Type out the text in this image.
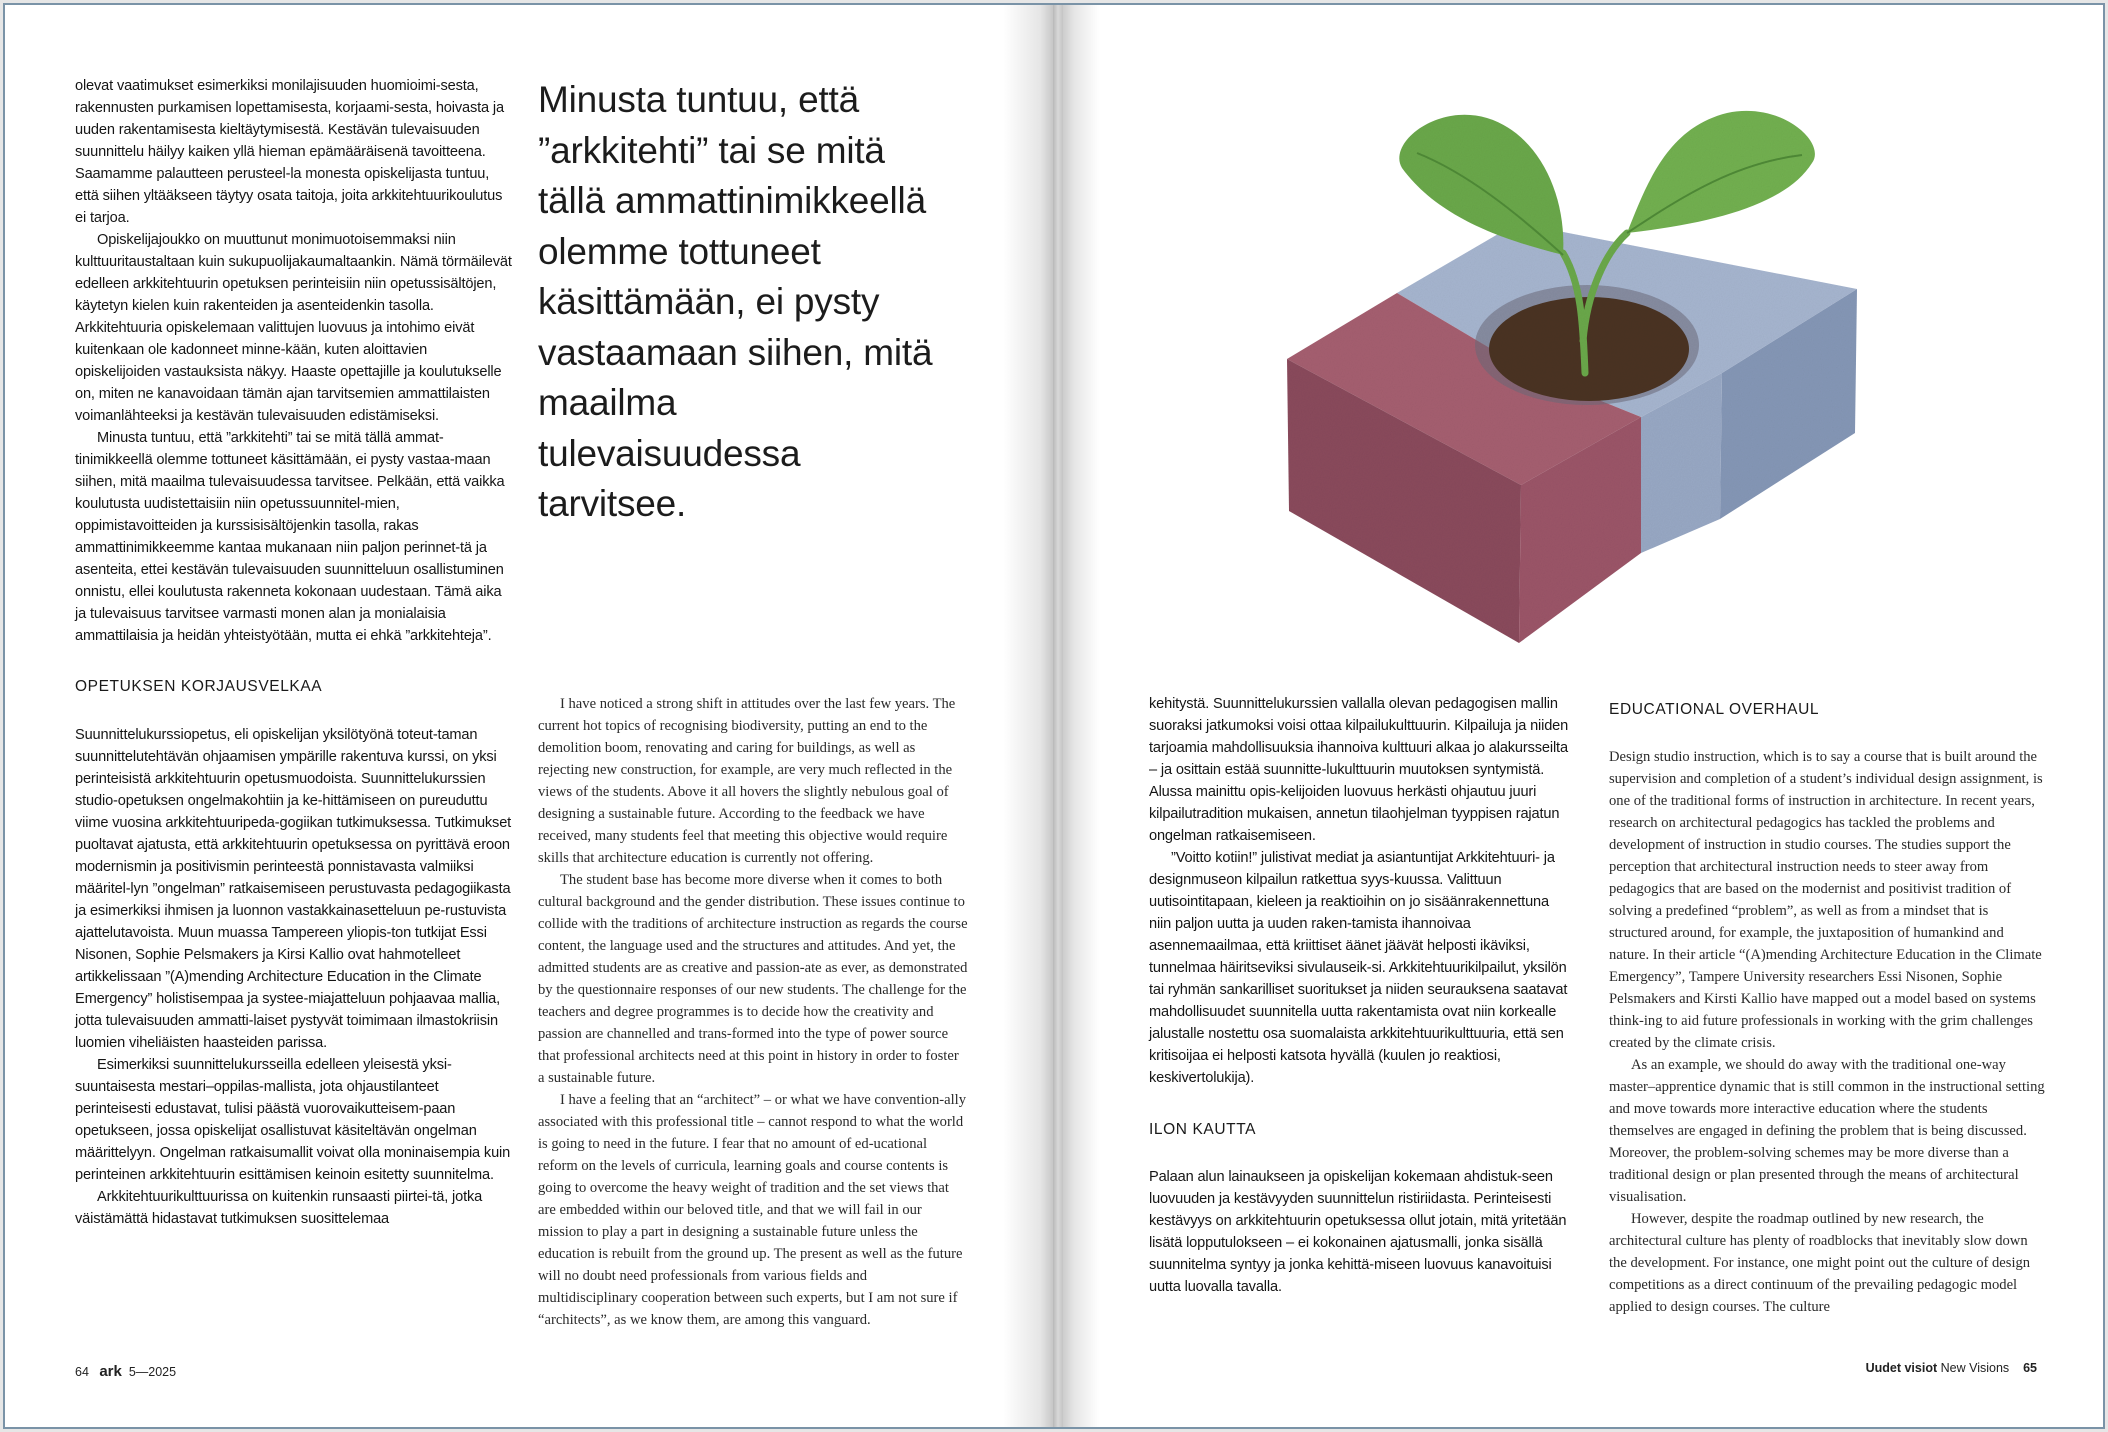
olevat vaatimukset esimerkiksi monilajisuuden huomioimi-sesta, rakennusten purkamisen lopettamisesta, korjaami-sesta, hoivasta ja uuden rakentamisesta kieltäytymisestä. Kestävän tulevaisuuden suunnittelu häilyy kaiken yllä hieman epämääräisenä tavoitteena. Saamamme palautteen perusteel-la monesta opiskelijasta tuntuu, että siihen yltääkseen täytyy osata taitoja, joita arkkitehtuurikoulutus ei tarjoa.

Opiskelijajoukko on muuttunut monimuotoisemmaksi niin kulttuuritaustaltaan kuin sukupuolijakaumaltaankin. Nämä törmäilevät edelleen arkkitehtuurin opetuksen perinteisiin niin opetussisältöjen, käytetyn kielen kuin rakenteiden ja asenteidenkin tasolla. Arkkitehtuuria opiskelemaan valittujen luovuus ja intohimo eivät kuitenkaan ole kadonneet minne-kään, kuten aloittavien opiskelijoiden vastauksista näkyy. Haaste opettajille ja koulutukselle on, miten ne kanavoidaan tämän ajan tarvitsemien ammattilaisten voimanlähteeksi ja kestävän tulevaisuuden edistämiseksi.

Minusta tuntuu, että ”arkkitehti” tai se mitä tällä ammat-tinimikkeellä olemme tottuneet käsittämään, ei pysty vastaa-maan siihen, mitä maailma tulevaisuudessa tarvitsee. Pelkään, että vaikka koulutusta uudistettaisiin niin opetussuunnitel-mien, oppimistavoitteiden ja kurssisisältöjenkin tasolla, rakas ammattinimikkeemme kantaa mukanaan niin paljon perinnet-tä ja asenteita, ettei kestävän tulevaisuuden suunnitteluun osallistuminen onnistu, ellei koulutusta rakenneta kokonaan uudestaan. Tämä aika ja tulevaisuus tarvitsee varmasti monen alan ja monialaisia ammattilaisia ja heidän yhteistyötään, mutta ei ehkä ”arkkitehteja”.

OPETUKSEN KORJAUSVELKAA

Suunnittelukurssiopetus, eli opiskelijan yksilötyönä toteut-taman suunnittelutehtävän ohjaamisen ympärille rakentuva kurssi, on yksi perinteisistä arkkitehtuurin opetusmuodoista. Suunnittelukurssien studio-opetuksen ongelmakohtiin ja ke-hittämiseen on pureuduttu viime vuosina arkkitehtuuripeda-gogiikan tutkimuksessa. Tutkimukset puoltavat ajatusta, että arkkitehtuurin opetuksessa on pyrittävä eroon modernismin ja positivismin perinteestä ponnistavasta valmiiksi määritel-lyn ”ongelman” ratkaisemiseen perustuvasta pedagogiikasta ja esimerkiksi ihmisen ja luonnon vastakkainasetteluun pe-rustuvista ajattelutavoista. Muun muassa Tampereen yliopis-ton tutkijat Essi Nisonen, Sophie Pelsmakers ja Kirsi Kallio ovat hahmotelleet artikkelissaan ”(A)mending Architecture Education in the Climate Emergency” holistisempaa ja systee-miajatteluun pohjaavaa mallia, jotta tulevaisuuden ammatti-laiset pystyvät toimimaan ilmastokriisin luomien viheliäisten haasteiden parissa.

Esimerkiksi suunnittelukursseilla edelleen yleisestä yksi-suuntaisesta mestari–oppilas-mallista, jota ohjaustilanteet perinteisesti edustavat, tulisi päästä vuorovaikutteisem-paan opetukseen, jossa opiskelijat osallistuvat käsiteltävän ongelman määrittelyyn. Ongelman ratkaisumallit voivat olla moninaisempia kuin perinteinen arkkitehtuurin esittämisen keinoin esitetty suunnitelma.

Arkkitehtuurikulttuurissa on kuitenkin runsaasti piirtei-tä, jotka väistämättä hidastavat tutkimuksen suosittelemaa

Minusta tuntuu, että ”arkkitehti” tai se mitä tällä ammattinimikkeellä olemme tottuneet käsittämään, ei pysty vastaamaan siihen, mitä maailma tulevaisuudessa tarvitsee.

I have noticed a strong shift in attitudes over the last few years. The current hot topics of recognising biodiversity, putting an end to the demolition boom, renovating and caring for buildings, as well as rejecting new construction, for example, are very much reflected in the views of the students. Above it all hovers the slightly nebulous goal of designing a sustainable future. According to the feedback we have received, many students feel that meeting this objective would require skills that architecture education is currently not offering.

The student base has become more diverse when it comes to both cultural background and the gender distribution. These issues continue to collide with the traditions of architecture instruction as regards the course content, the language used and the structures and attitudes. And yet, the admitted students are as creative and passion-ate as ever, as demonstrated by the questionnaire responses of our new students. The challenge for the teachers and degree programmes is to decide how the creativity and passion are channelled and trans-formed into the type of power source that professional architects need at this point in history in order to foster a sustainable future.

I have a feeling that an “architect” – or what we have convention-ally associated with this professional title – cannot respond to what the world is going to need in the future. I fear that no amount of ed-ucational reform on the levels of curricula, learning goals and course contents is going to overcome the heavy weight of tradition and the set views that are embedded within our beloved title, and that we will fail in our mission to play a part in designing a sustainable future unless the education is rebuilt from the ground up. The present as well as the future will no doubt need professionals from various fields and multidisciplinary cooperation between such experts, but I am not sure if “architects”, as we know them, are among this vanguard.

64 ark 5—2025

kehitystä. Suunnittelukurssien vallalla olevan pedagogisen mallin suoraksi jatkumoksi voisi ottaa kilpailukulttuurin. Kilpailuja ja niiden tarjoamia mahdollisuuksia ihannoiva kulttuuri alkaa jo alakursseilta – ja osittain estää suunnitte-lukulttuurin muutoksen syntymistä. Alussa mainittu opis-kelijoiden luovuus herkästi ohjautuu juuri kilpailutradition mukaisen, annetun tilaohjelman tyyppisen rajatun ongelman ratkaisemiseen.

”Voitto kotiin!” julistivat mediat ja asiantuntijat Arkkitehtuuri- ja designmuseon kilpailun ratkettua syys-kuussa. Valittuun uutisointitapaan, kieleen ja reaktioihin on jo sisäänrakennettuna niin paljon uutta ja uuden raken-tamista ihannoivaa asennemaailmaa, että kriittiset äänet jäävät helposti ikäviksi, tunnelmaa häiritseviksi sivulauseik-si. Arkkitehtuurikilpailut, yksilön tai ryhmän sankarilliset suoritukset ja niiden seurauksena saatavat mahdollisuudet suunnitella uutta rakentamista ovat niin korkealle jalustalle nostettu osa suomalaista arkkitehtuurikulttuuria, että sen kritisoijaa ei helposti katsota hyvällä (kuulen jo reaktiosi, keskivertolukija).

ILON KAUTTA

Palaan alun lainaukseen ja opiskelijan kokemaan ahdistuk-seen luovuuden ja kestävyyden suunnittelun ristiriidasta. Perinteisesti kestävyys on arkkitehtuurin opetuksessa ollut jotain, mitä yritetään lisätä lopputulokseen – ei kokonainen ajatusmalli, jonka sisällä suunnitelma syntyy ja jonka kehittä-miseen luovuus kanavoituisi uutta luovalla tavalla.

EDUCATIONAL OVERHAUL

Design studio instruction, which is to say a course that is built around the supervision and completion of a student’s individual design assignment, is one of the traditional forms of instruction in architecture. In recent years, research on architectural pedagogics has tackled the problems and development of instruction in studio courses. The studies support the perception that architectural instruction needs to steer away from pedagogics that are based on the modernist and positivist tradition of solving a predefined “problem”, as well as from a mindset that is structured around, for example, the juxtaposition of humankind and nature. In their article “(A)mending Architecture Education in the Climate Emergency”, Tampere University researchers Essi Nisonen, Sophie Pelsmakers and Kirsti Kallio have mapped out a model based on systems think-ing to aid future professionals in working with the grim challenges created by the climate crisis.

As an example, we should do away with the traditional one-way master–apprentice dynamic that is still common in the instructional setting and move towards more interactive education where the students themselves are engaged in defining the problem that is being discussed. Moreover, the problem-solving schemes may be more diverse than a traditional design or plan presented through the means of architectural visualisation.

However, despite the roadmap outlined by new research, the architectural culture has plenty of roadblocks that inevitably slow down the development. For instance, one might point out the culture of design competitions as a direct continuum of the prevailing pedagogic model applied to design courses. The culture

Uudet visiot New Visions 65
